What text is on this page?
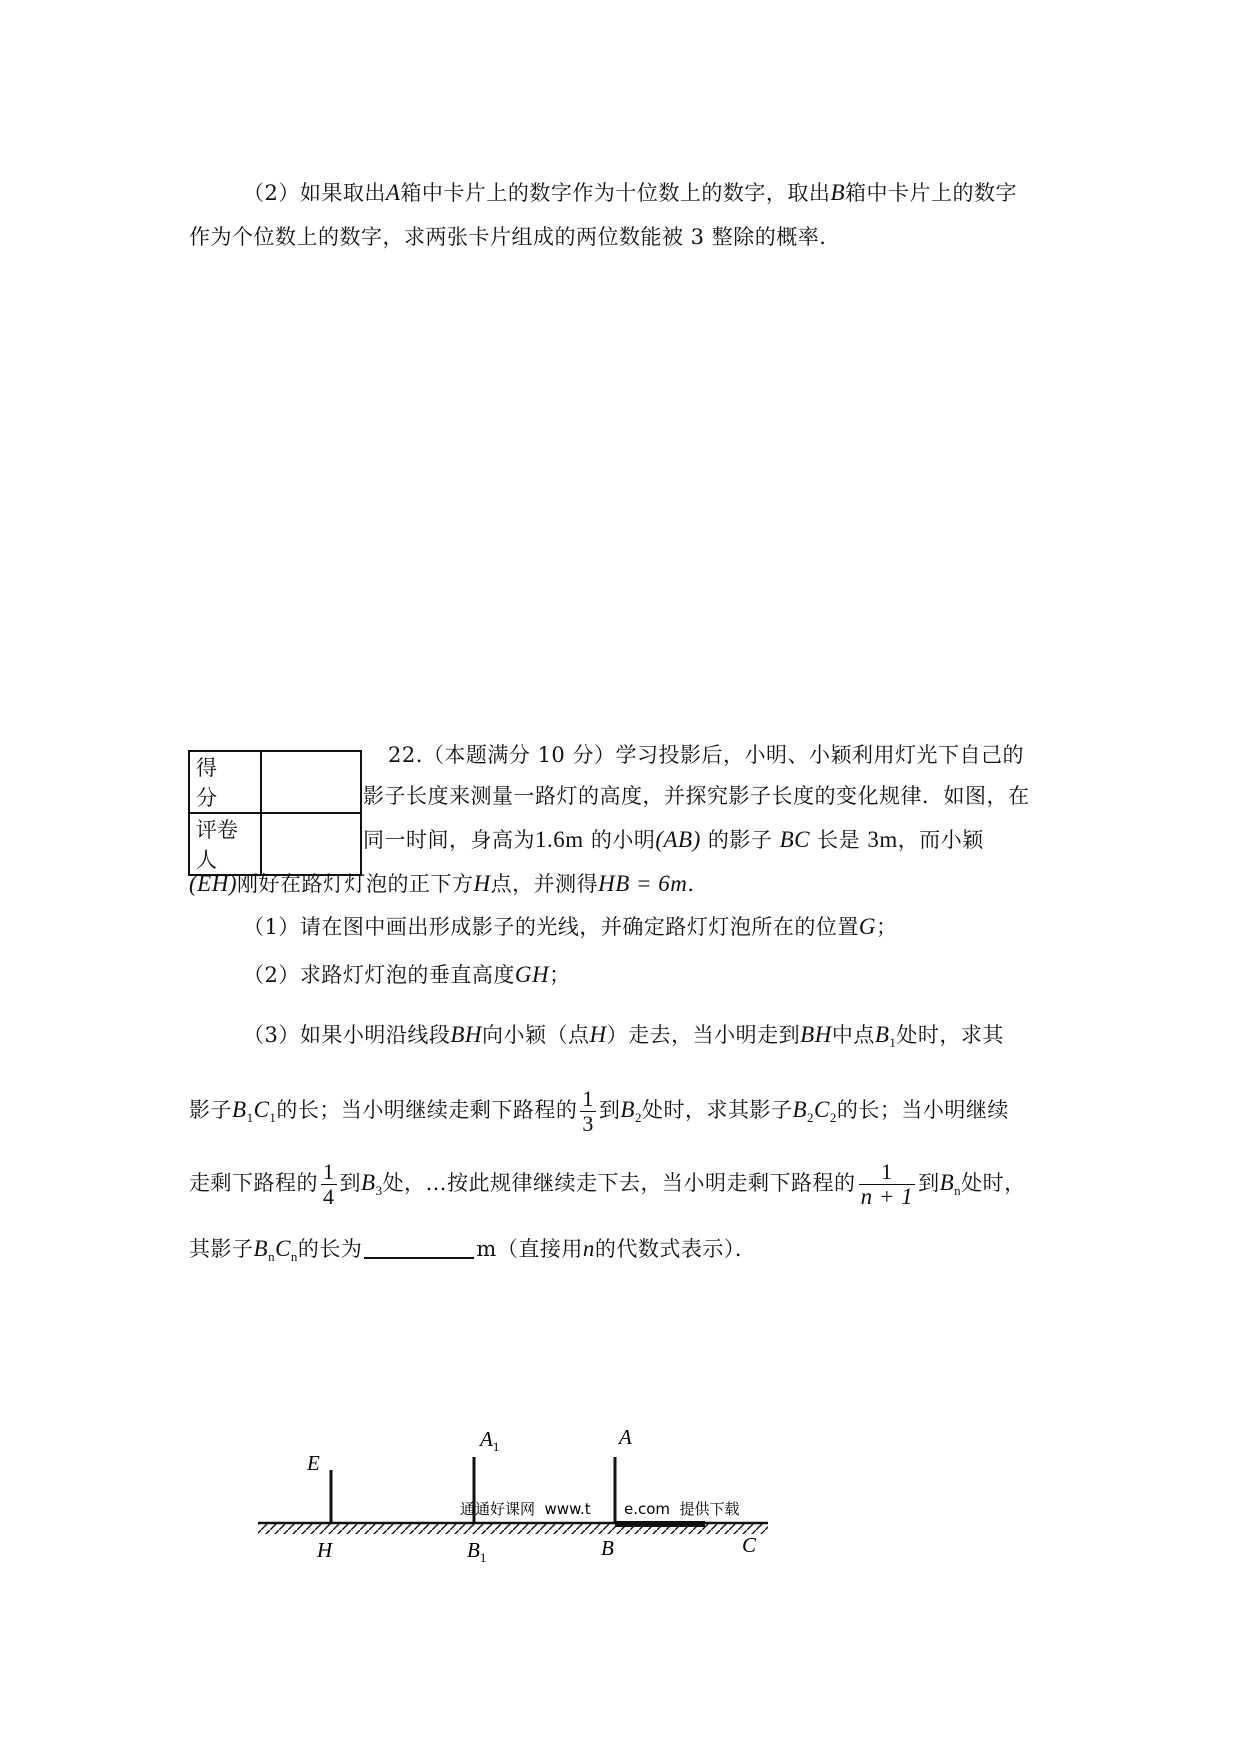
（2）如果取出A箱中卡片上的数字作为十位数上的数字，取出B箱中卡片上的数字
作为个位数上的数字，求两张卡片组成的两位数能被 3 整除的概率.
得　分	
评卷人	
22.（本题满分 10 分）学习投影后，小明、小颖利用灯光下自己的
影子长度来测量一路灯的高度，并探究影子长度的变化规律．如图，在
同一时间，身高为1.6m 的小明(AB) 的影子 BC 长是 3m，而小颖
(EH)刚好在路灯灯泡的正下方H点，并测得HB = 6m．
（1）请在图中画出形成影子的光线，并确定路灯灯泡所在的位置G；
（2）求路灯灯泡的垂直高度GH；
（3）如果小明沿线段BH向小颖（点H）走去，当小明走到BH中点$B_1$处时，求其
影子$B_1C_1$的长；当小明继续走剩下路程的 $\frac{1}{3}$ 到$B_2$处时，求其影子$B_2C_2$的长；当小明继续
走剩下路程的 $\frac{1}{4}$ 到$B_3$处，…按此规律继续走下去，当小明走剩下路程的 $\frac{1}{n + 1}$ 到$B_n$处时，
其影子$B_nC_n$的长为	m（直接用n的代数式表示）．
E
H
$A_1$
$B_1$
A
B	C
通通好课网  www.t       e.com  提供下载
